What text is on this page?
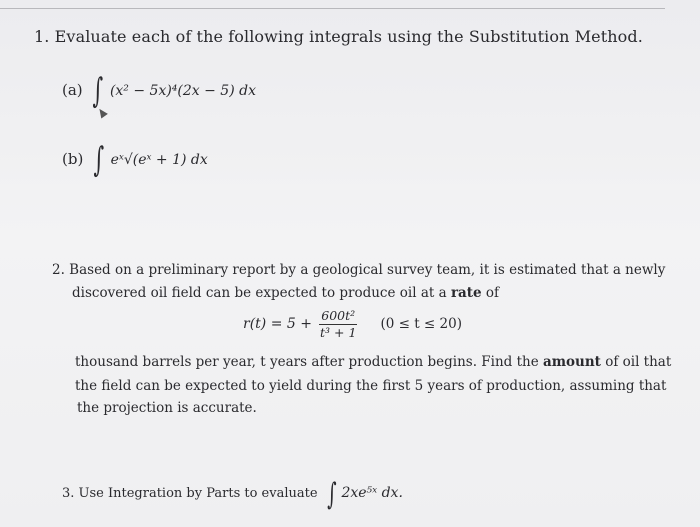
1. Evaluate each of the following integrals using the Substitution Method.
(a) ∫ (x² − 5x)⁴(2x − 5) dx
(b) ∫ eˣ√(eˣ + 1) dx
2. Based on a preliminary report by a geological survey team, it is estimated that a newly
discovered oil field can be expected to produce oil at a rate of
$r(t) = 5 + \frac{\text{600t²}}{\text{t³ + 1}} (0 \le t \le 20)$
thousand barrels per year, t years after production begins. Find the amount of oil that
the field can be expected to yield during the first 5 years of production, assuming that
the projection is accurate.
3. Use Integration by Parts to evaluate ∫ 2xe⁵ˣ dx.
